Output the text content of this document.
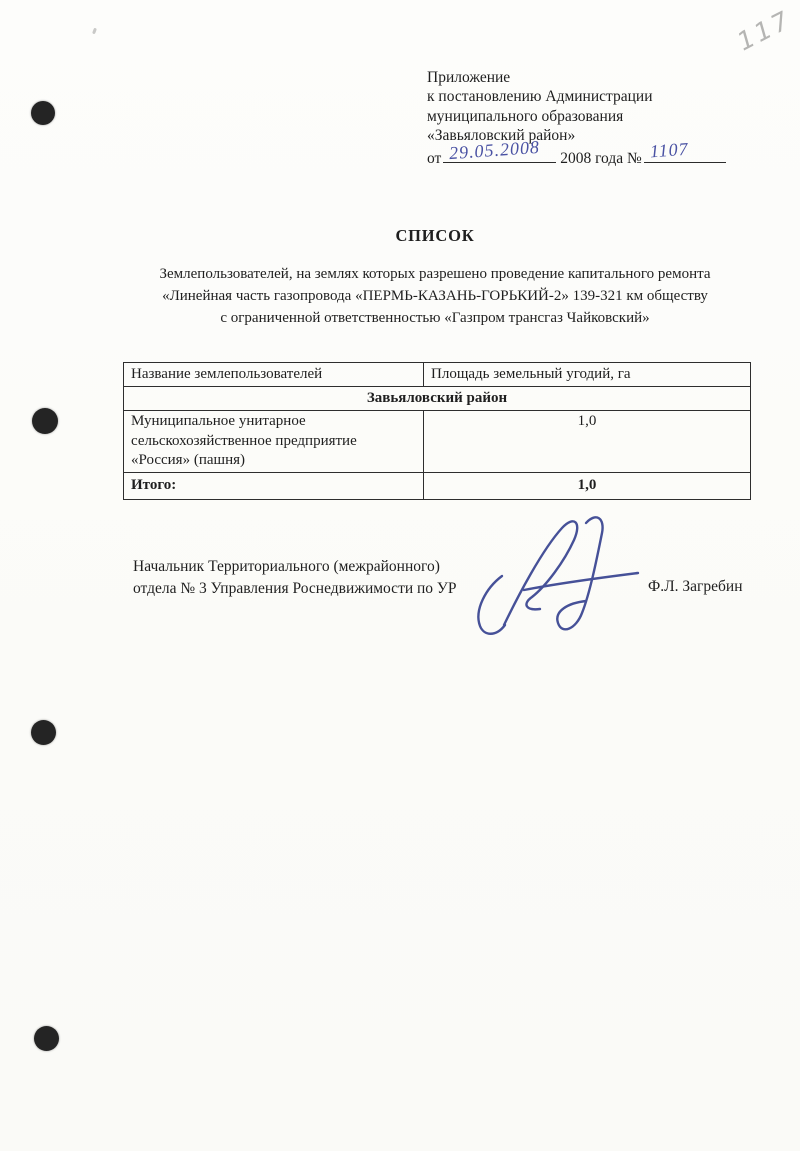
117
Приложение
к постановлению Администрации
муниципального образования
«Завьяловский район»
от 29.05.2008 2008 года № 1107
СПИСОК
Землепользователей, на землях которых разрешено проведение капитального ремонта
«Линейная часть газопровода «ПЕРМЬ-КАЗАНЬ-ГОРЬКИЙ-2» 139-321 км обществу
с ограниченной ответственностью «Газпром трансгаз Чайковский»
Название землепользователей	Площадь земельный угодий, га
Завьяловский район	

Муниципальное унитарное
сельскохозяйственное предприятие
«Россия» (пашня)	1,0
Итого:	1,0
Начальник Территориального (межрайонного)
отдела № 3 Управления Роснедвижимости по УР	Ф.Л. Загребин
